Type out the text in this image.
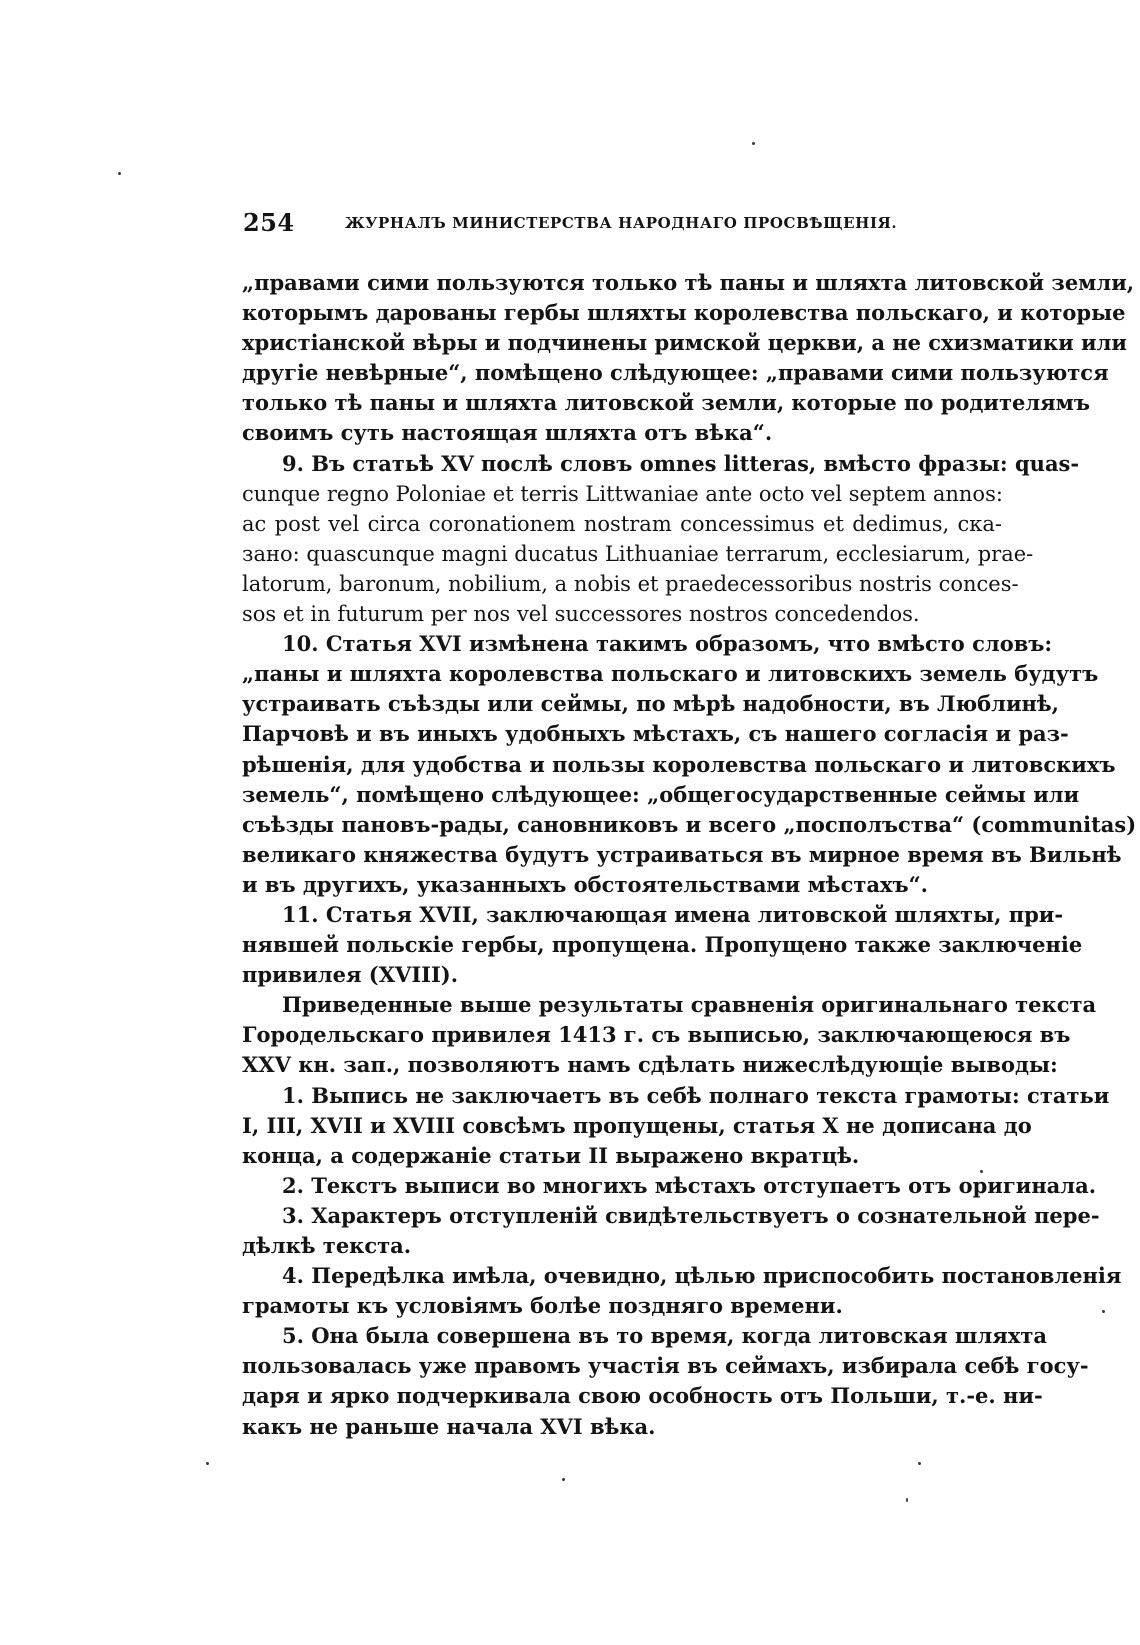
254	ЖУРНАЛЪ МИНИСТЕРСТВА НАРОДНАГО ПРОСВѢЩЕНІЯ.
„правами сими пользуются только тѣ паны и шляхта литовской земли,
которымъ дарованы гербы шляхты королевства польскаго, и которые
христіанской вѣры и подчинены римской церкви, а не схизматики или
другіе невѣрные“, помѣщено слѣдующее: „правами сими пользуются
только тѣ паны и шляхта литовской земли, которые по родителямъ
своимъ суть настоящая шляхта отъ вѣка“.
9. Въ статьѣ XV послѣ словъ omnes litteras, вмѣсто фразы: quas-
cunque regno Poloniae et terris Littwaniae ante octo vel septem annos:
ac post vel circa coronationem nostram concessimus et dedimus, ска-
зано: quascunque magni ducatus Lithuaniae terrarum, ecclesiarum, prae-
latorum, baronum, nobilium, a nobis et praedecessoribus nostris conces-
sos et in futurum per nos vel successores nostros concedendos.
10. Статья XVI измѣнена такимъ образомъ, что вмѣсто словъ:
„паны и шляхта королевства польскаго и литовскихъ земель будутъ
устраивать съѣзды или сеймы, по мѣрѣ надобности, въ Люблинѣ,
Парчовѣ и въ иныхъ удобныхъ мѣстахъ, съ нашего согласія и раз-
рѣшенія, для удобства и пользы королевства польскаго и литовскихъ
земель“, помѣщено слѣдующее: „общегосударственные сеймы или
съѣзды пановъ-рады, сановниковъ и всего „посполъства“ (communitas)
великаго княжества будутъ устраиваться въ мирное время въ Вильнѣ
и въ другихъ, указанныхъ обстоятельствами мѣстахъ“.
11. Статья XVII, заключающая имена литовской шляхты, при-
нявшей польскіе гербы, пропущена. Пропущено также заключеніе
привилея (XVIII).
Приведенные выше результаты сравненія оригинальнаго текста
Городельскаго привилея 1413 г. съ выписью, заключающеюся въ
XXV кн. зап., позволяютъ намъ сдѣлать нижеслѣдующіе выводы:
1. Выпись не заключаетъ въ себѣ полнаго текста грамоты: статьи
I, III, XVII и XVIII совсѣмъ пропущены, статья X не дописана до
конца, а содержаніе статьи II выражено вкратцѣ.
2. Текстъ выписи во многихъ мѣстахъ отступаетъ отъ оригинала.
3. Характеръ отступленій свидѣтельствуетъ о сознательной пере-
дѣлкѣ текста.
4. Передѣлка имѣла, очевидно, цѣлью приспособить постановленія
грамоты къ условіямъ болѣе поздняго времени.
5. Она была совершена въ то время, когда литовская шляхта
пользовалась уже правомъ участія въ сеймахъ, избирала себѣ госу-
даря и ярко подчеркивала свою особность отъ Польши, т.-е. ни-
какъ не раньше начала XVI вѣка.
